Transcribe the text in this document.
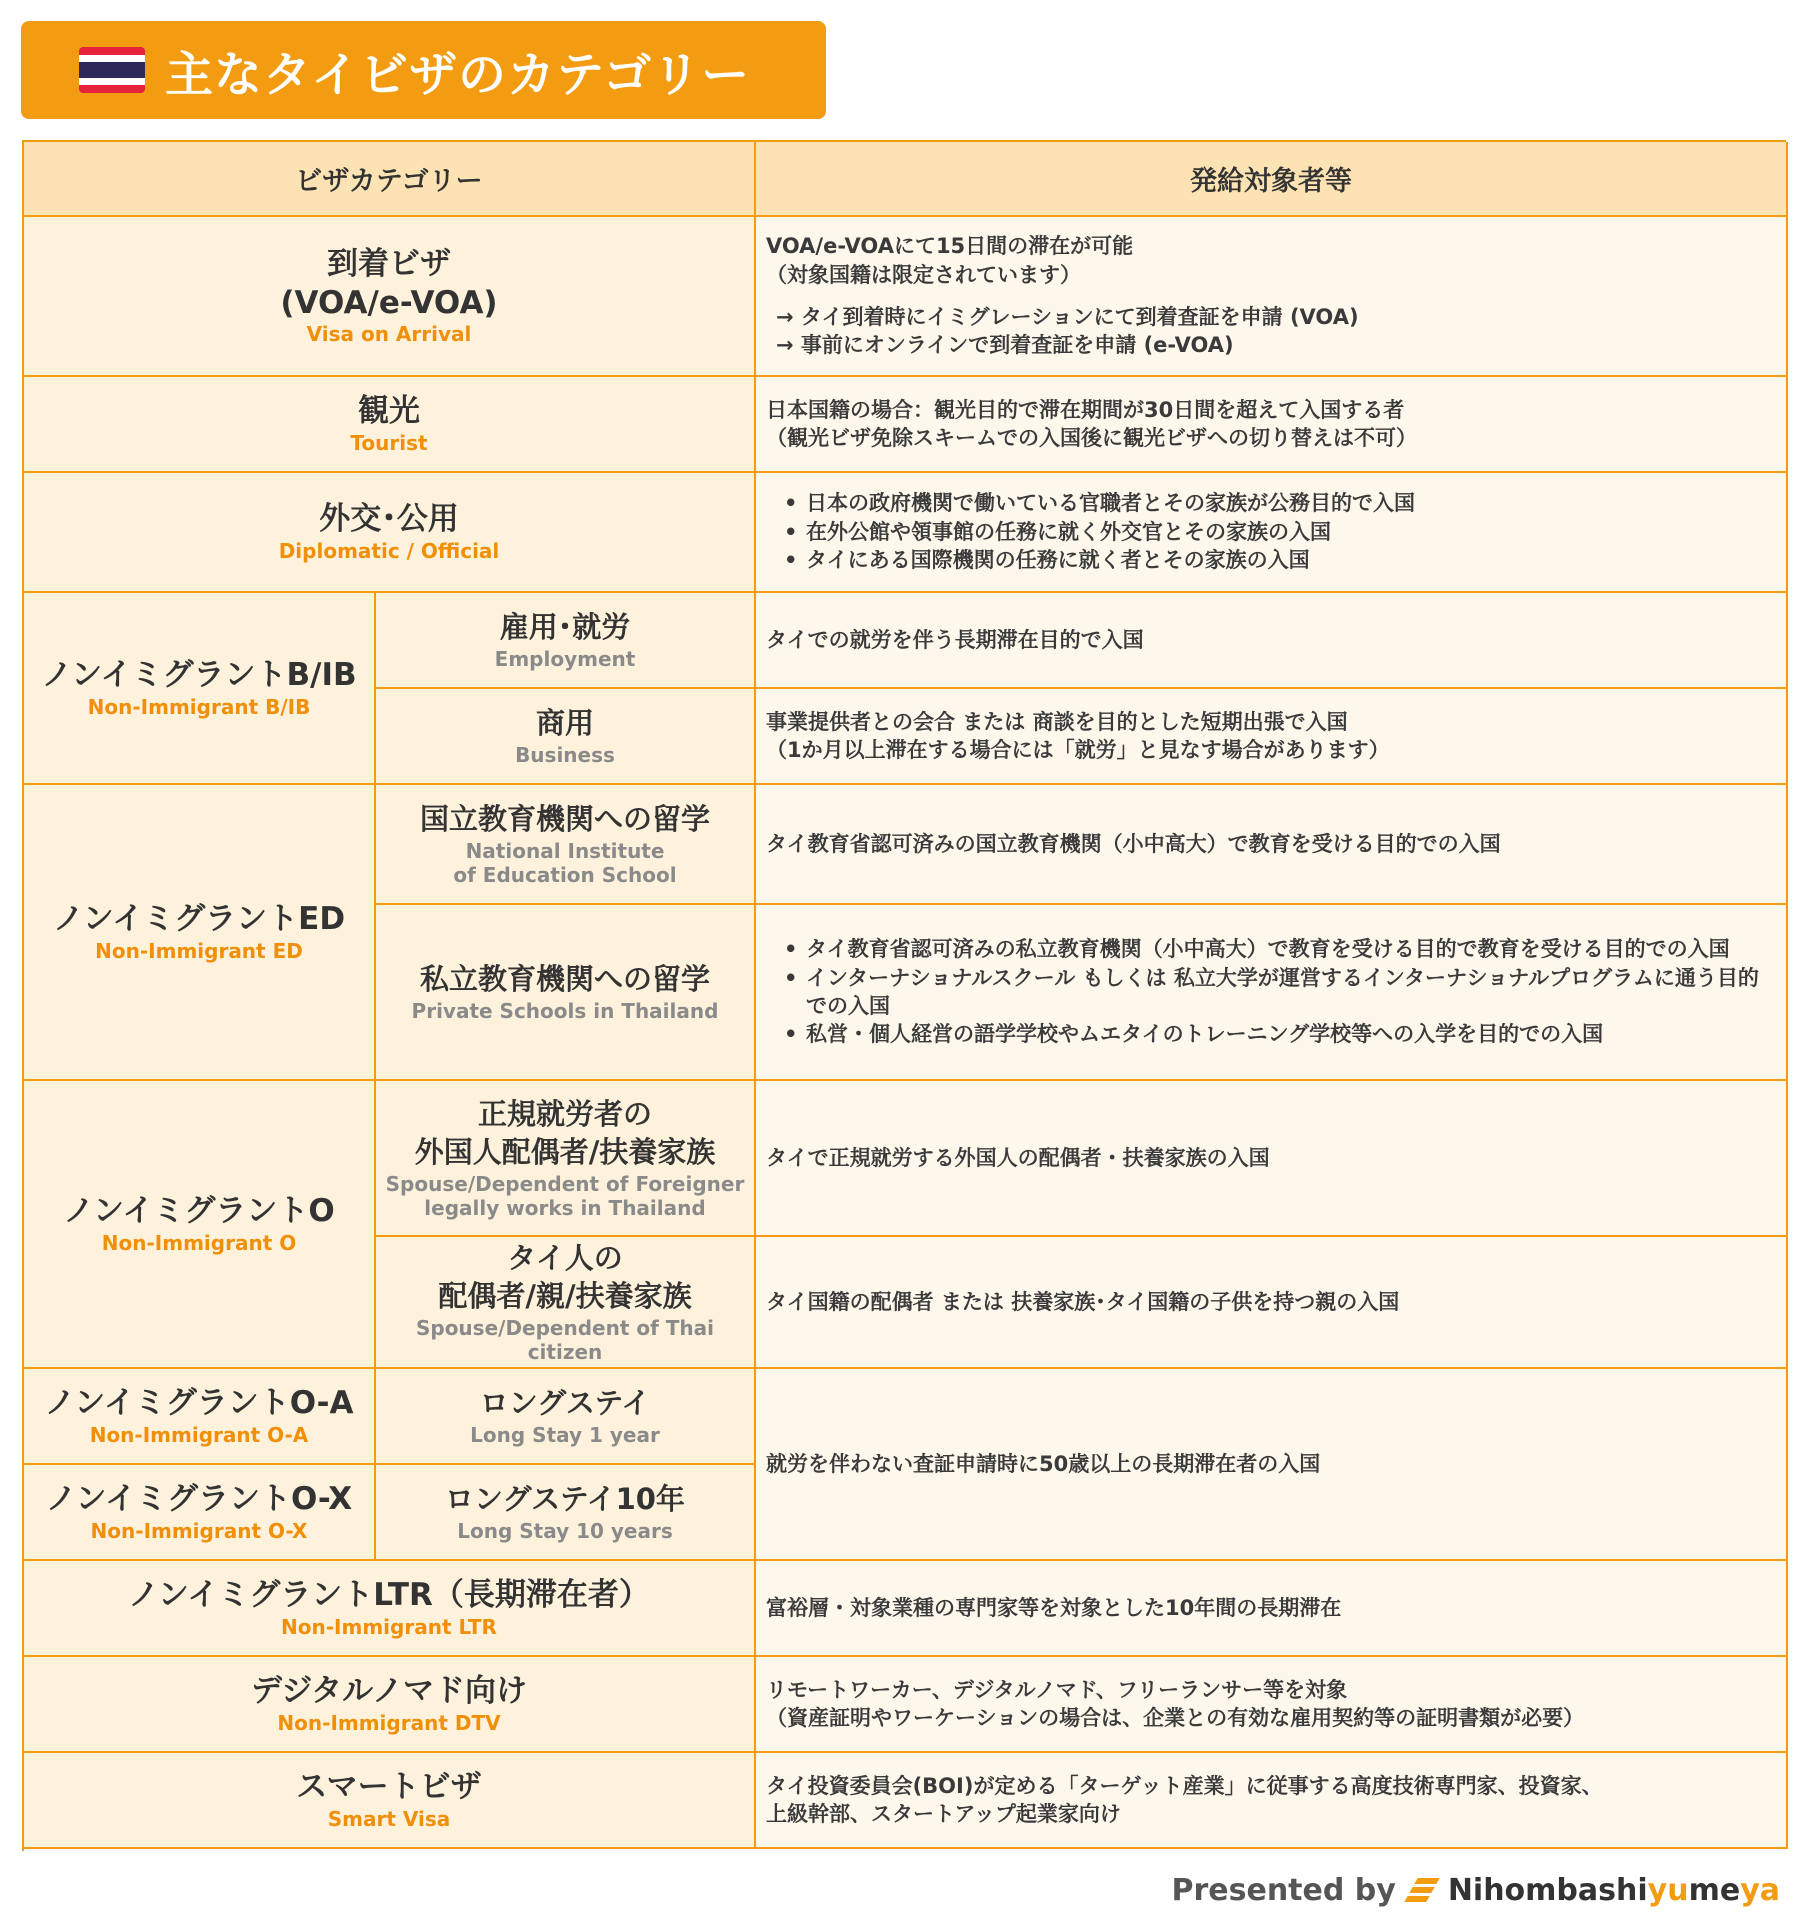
主なタイビザのカテゴリー
ビザカテゴリー	発給対象者等
到着ビザ
(VOA/e-VOA)
Visa on Arrival
VOA/e-VOAにて15日間の滞在が可能
（対象国籍は限定されています）
→ タイ到着時にイミグレーションにて到着査証を申請 (VOA)
→ 事前にオンラインで到着査証を申請 (e-VOA)
観光
Tourist
日本国籍の場合：観光目的で滞在期間が30日間を超えて入国する者
（観光ビザ免除スキームでの入国後に観光ビザへの切り替えは不可）
外交･公用
Diplomatic / Official
• 日本の政府機関で働いている官職者とその家族が公務目的で入国
• 在外公館や領事館の任務に就く外交官とその家族の入国
• タイにある国際機関の任務に就く者とその家族の入国
ノンイミグラントB/IB
Non-Immigrant B/IB
雇用･就労
Employment
タイでの就労を伴う長期滞在目的で入国
商用
Business
事業提供者との会合 または 商談を目的とした短期出張で入国
（1か月以上滞在する場合には「就労」と見なす場合があります）
ノンイミグラントED
Non-Immigrant ED
国立教育機関への留学
National Institute
of Education School
タイ教育省認可済みの国立教育機関（小中高大）で教育を受ける目的での入国
私立教育機関への留学
Private Schools in Thailand
• タイ教育省認可済みの私立教育機関（小中高大）で教育を受ける目的で教育を受ける目的での入国
• インターナショナルスクール もしくは 私立大学が運営するインターナショナルプログラムに通う目的での入国
• 私営・個人経営の語学学校やムエタイのトレーニング学校等への入学を目的での入国
ノンイミグラントO
Non-Immigrant O
正規就労者の
外国人配偶者/扶養家族
Spouse/Dependent of Foreigner
legally works in Thailand
タイで正規就労する外国人の配偶者・扶養家族の入国
タイ人の
配偶者/親/扶養家族
Spouse/Dependent of Thai citizen
タイ国籍の配偶者 または 扶養家族･タイ国籍の子供を持つ親の入国
ノンイミグラントO-A
Non-Immigrant O-A
ロングステイ
Long Stay 1 year
就労を伴わない査証申請時に50歳以上の長期滞在者の入国
ノンイミグラントO-X
Non-Immigrant O-X
ロングステイ10年
Long Stay 10 years
ノンイミグラントLTR（長期滞在者）
Non-Immigrant LTR
富裕層・対象業種の専門家等を対象とした10年間の長期滞在
デジタルノマド向け
Non-Immigrant DTV
リモートワーカー、デジタルノマド、フリーランサー等を対象
（資産証明やワーケーションの場合は、企業との有効な雇用契約等の証明書類が必要）
スマートビザ
Smart Visa
タイ投資委員会(BOI)が定める「ターゲット産業」に従事する高度技術専門家、投資家、
上級幹部、スタートアップ起業家向け
Presented by Nihombashiyumeya
